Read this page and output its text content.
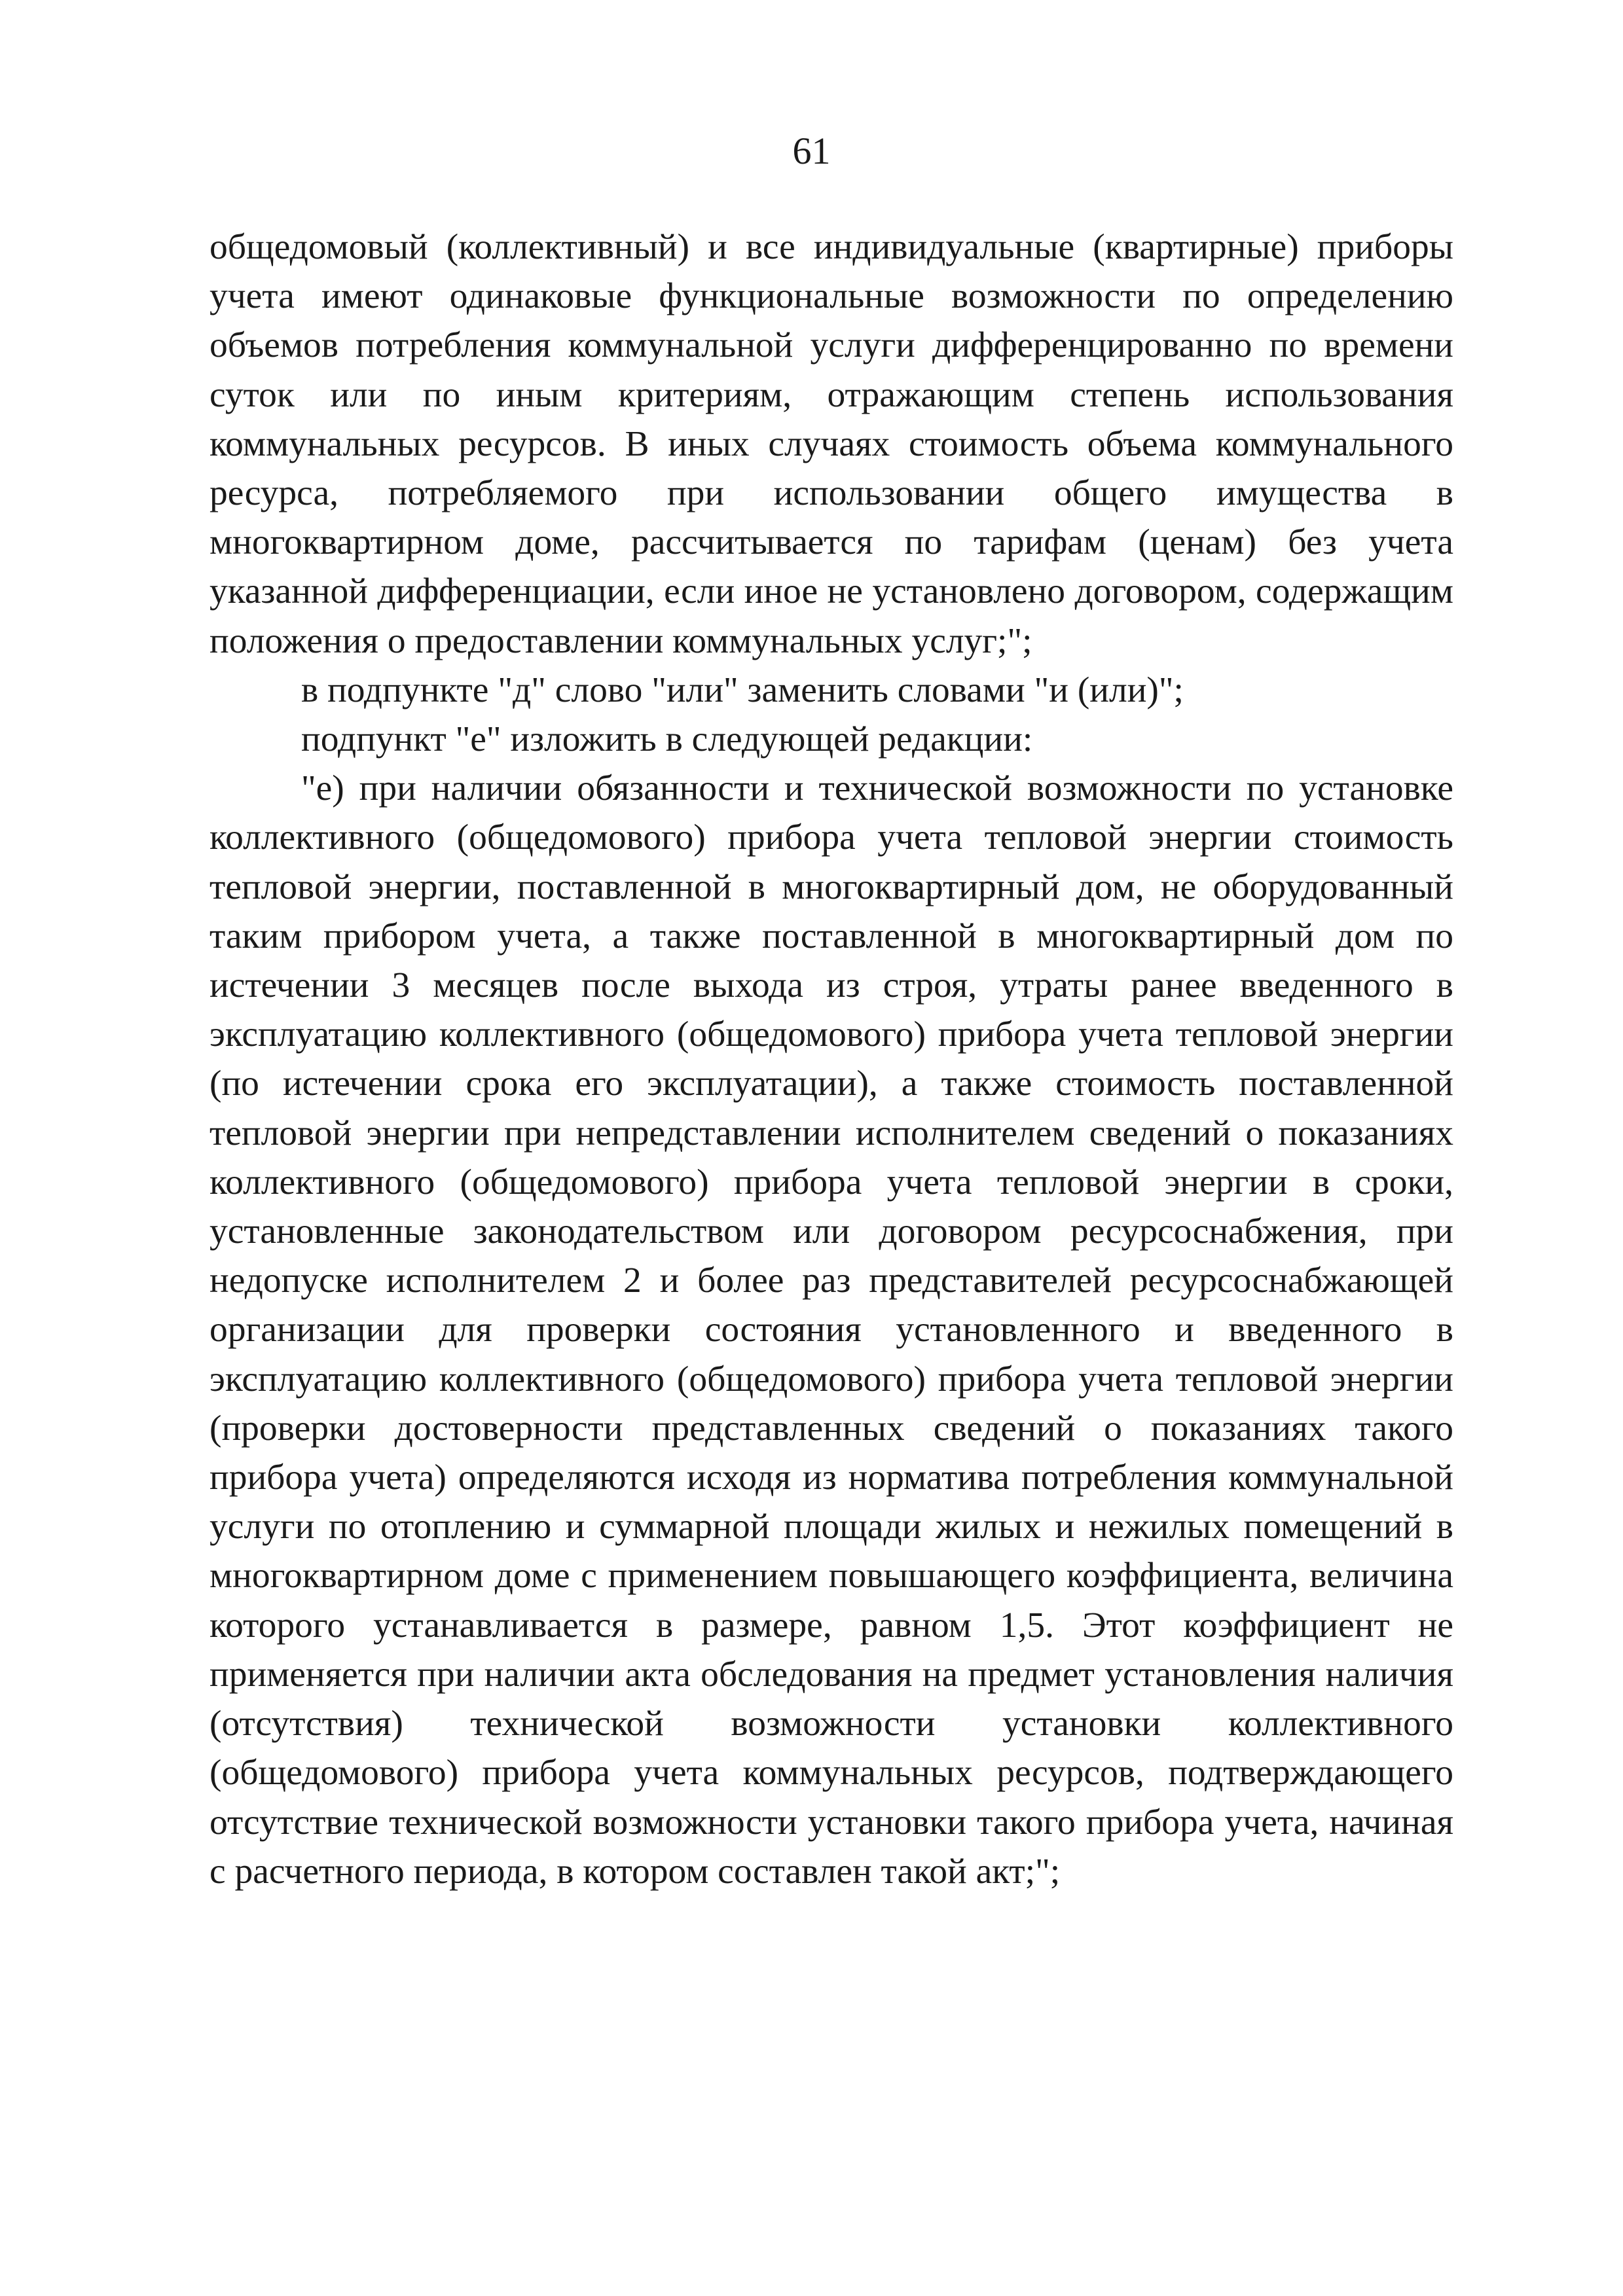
61

общедомовый (коллективный) и все индивидуальные (квартирные) приборы учета имеют одинаковые функциональные возможности по определению объемов потребления коммунальной услуги дифференцированно по времени суток или по иным критериям, отражающим степень использования коммунальных ресурсов. В иных случаях стоимость объема коммунального ресурса, потребляемого при использовании общего имущества в многоквартирном доме, рассчитывается по тарифам (ценам) без учета указанной дифференциации, если иное не установлено договором, содержащим положения о предоставлении коммунальных услуг;";

в подпункте "д" слово "или" заменить словами "и (или)";

подпункт "е" изложить в следующей редакции:

"е) при наличии обязанности и технической возможности по установке коллективного (общедомового) прибора учета тепловой энергии стоимость тепловой энергии, поставленной в многоквартирный дом, не оборудованный таким прибором учета, а также поставленной в многоквартирный дом по истечении 3 месяцев после выхода из строя, утраты ранее введенного в эксплуатацию коллективного (общедомового) прибора учета тепловой энергии (по истечении срока его эксплуатации), а также стоимость поставленной тепловой энергии при непредставлении исполнителем сведений о показаниях коллективного (общедомового) прибора учета тепловой энергии в сроки, установленные законодательством или договором ресурсоснабжения, при недопуске исполнителем 2 и более раз представителей ресурсоснабжающей организации для проверки состояния установленного и введенного в эксплуатацию коллективного (общедомового) прибора учета тепловой энергии (проверки достоверности представленных сведений о показаниях такого прибора учета) определяются исходя из норматива потребления коммунальной услуги по отоплению и суммарной площади жилых и нежилых помещений в многоквартирном доме с применением повышающего коэффициента, величина которого устанавливается в размере, равном 1,5. Этот коэффициент не применяется при наличии акта обследования на предмет установления наличия (отсутствия) технической возможности установки коллективного (общедомового) прибора учета коммунальных ресурсов, подтверждающего отсутствие технической возможности установки такого прибора учета, начиная с расчетного периода, в котором составлен такой акт;";
